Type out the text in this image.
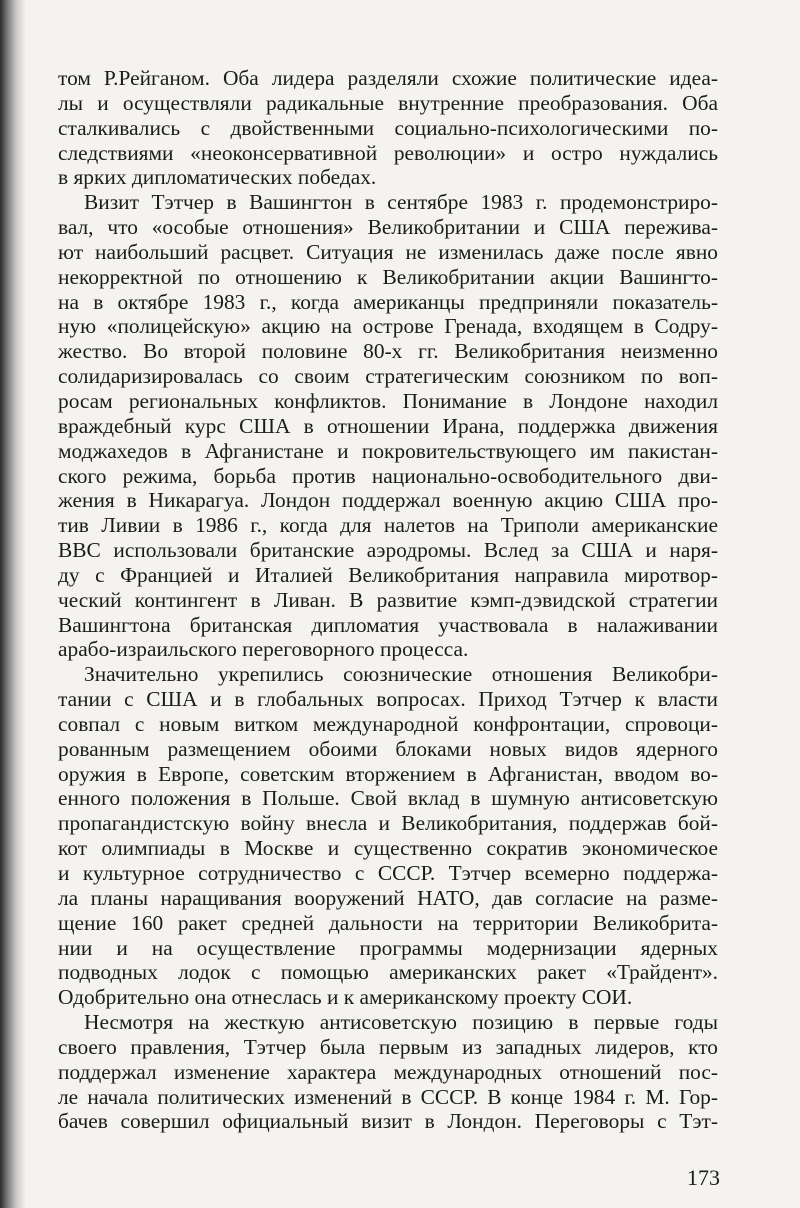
том Р.Рейганом. Оба лидера разделяли схожие политические идеа-
лы и осуществляли радикальные внутренние преобразования. Оба
сталкивались с двойственными социально-психологическими по-
следствиями «неоконсервативной революции» и остро нуждались
в ярких дипломатических победах.
Визит Тэтчер в Вашингтон в сентябре 1983 г. продемонстриро-
вал, что «особые отношения» Великобритании и США пережива-
ют наибольший расцвет. Ситуация не изменилась даже после явно
некорректной по отношению к Великобритании акции Вашингто-
на в октябре 1983 г., когда американцы предприняли показатель-
ную «полицейскую» акцию на острове Гренада, входящем в Содру-
жество. Во второй половине 80-х гг. Великобритания неизменно
солидаризировалась со своим стратегическим союзником по воп-
росам региональных конфликтов. Понимание в Лондоне находил
враждебный курс США в отношении Ирана, поддержка движения
моджахедов в Афганистане и покровительствующего им пакистан-
ского режима, борьба против национально-освободительного дви-
жения в Никарагуа. Лондон поддержал военную акцию США про-
тив Ливии в 1986 г., когда для налетов на Триполи американские
ВВС использовали британские аэродромы. Вслед за США и наря-
ду с Францией и Италией Великобритания направила миротвор-
ческий контингент в Ливан. В развитие кэмп-дэвидской стратегии
Вашингтона британская дипломатия участвовала в налаживании
арабо-израильского переговорного процесса.
Значительно укрепились союзнические отношения Великобри-
тании с США и в глобальных вопросах. Приход Тэтчер к власти
совпал с новым витком международной конфронтации, спровоци-
рованным размещением обоими блоками новых видов ядерного
оружия в Европе, советским вторжением в Афганистан, вводом во-
енного положения в Польше. Свой вклад в шумную антисоветскую
пропагандистскую войну внесла и Великобритания, поддержав бой-
кот олимпиады в Москве и существенно сократив экономическое
и культурное сотрудничество с СССР. Тэтчер всемерно поддержа-
ла планы наращивания вооружений НАТО, дав согласие на разме-
щение 160 ракет средней дальности на территории Великобрита-
нии и на осуществление программы модернизации ядерных
подводных лодок с помощью американских ракет «Трайдент».
Одобрительно она отнеслась и к американскому проекту СОИ.
Несмотря на жесткую антисоветскую позицию в первые годы
своего правления, Тэтчер была первым из западных лидеров, кто
поддержал изменение характера международных отношений пос-
ле начала политических изменений в СССР. В конце 1984 г. М. Гор-
бачев совершил официальный визит в Лондон. Переговоры с Тэт-
173
